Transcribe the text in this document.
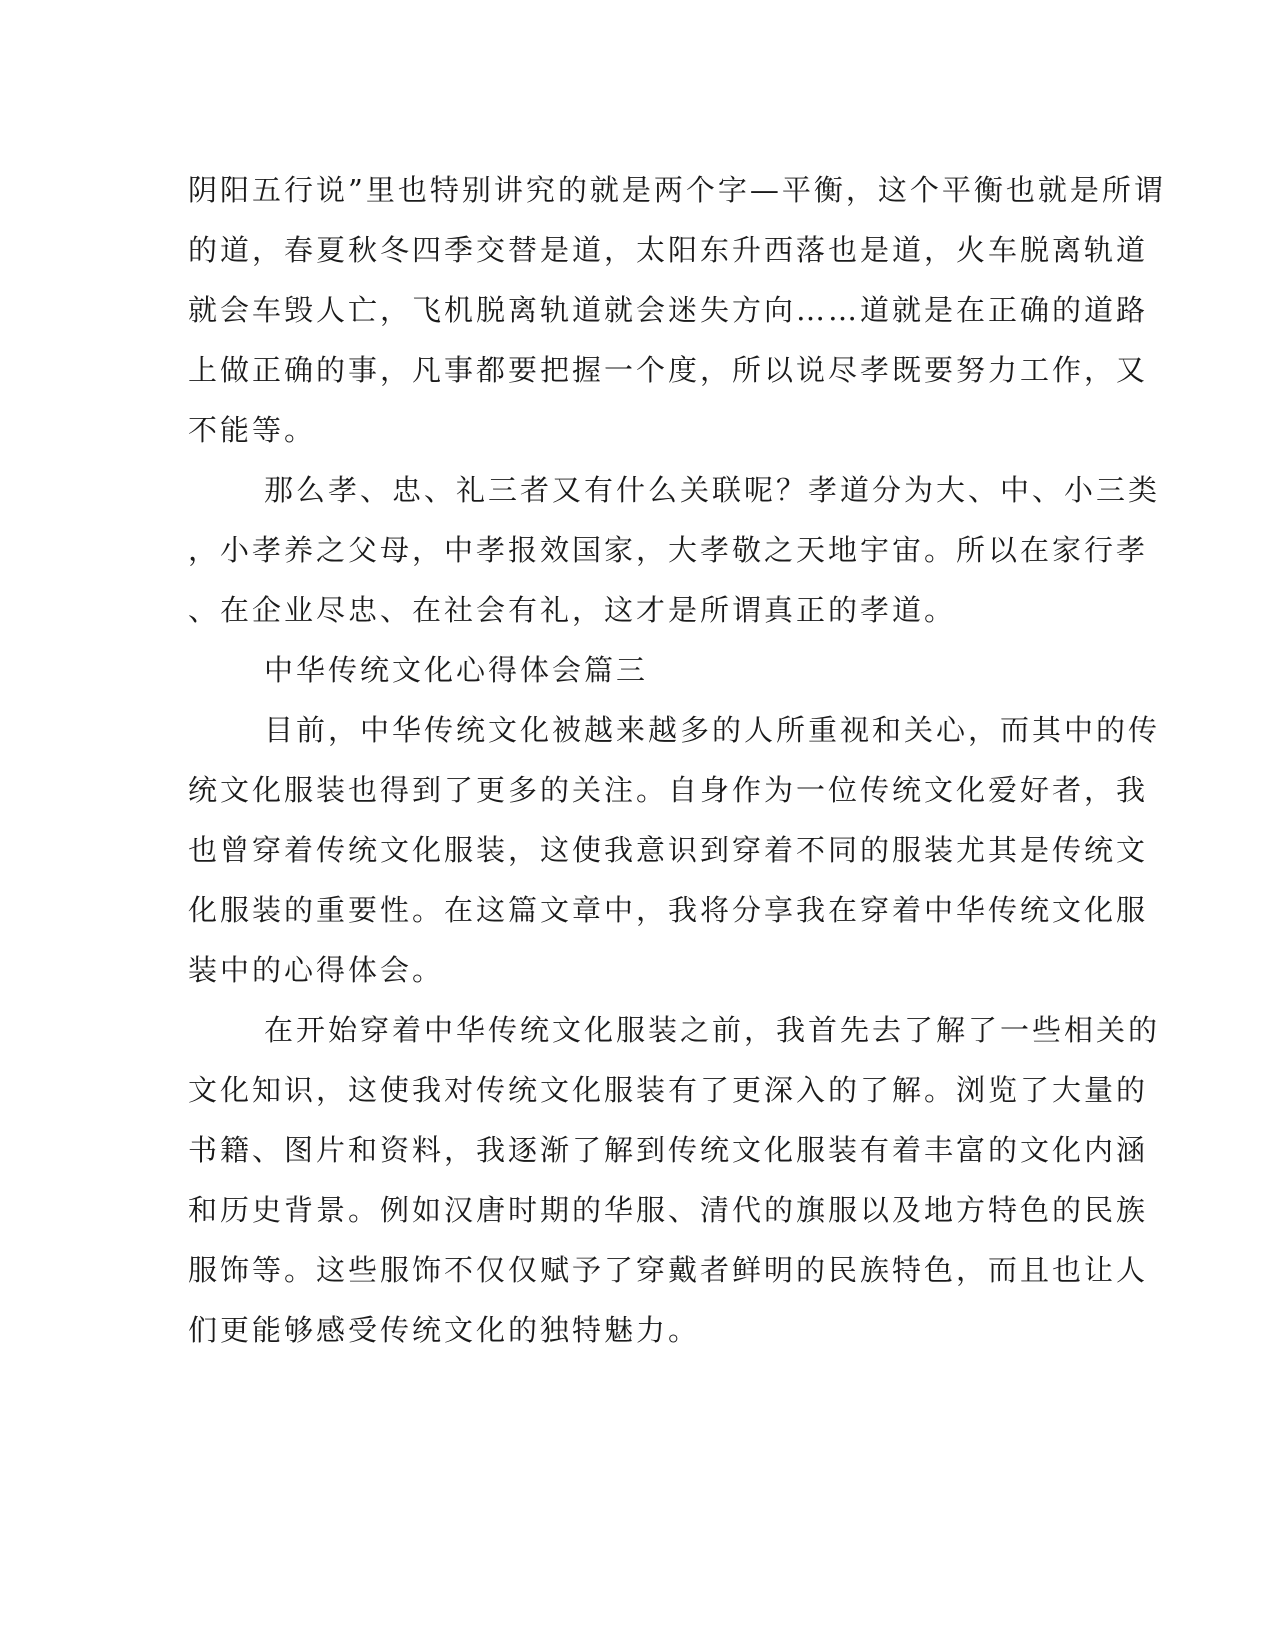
阴阳五行说”里也特别讲究的就是两个字—平衡，这个平衡也就是所谓
的道，春夏秋冬四季交替是道，太阳东升西落也是道，火车脱离轨道
就会车毁人亡，飞机脱离轨道就会迷失方向……道就是在正确的道路
上做正确的事，凡事都要把握一个度，所以说尽孝既要努力工作，又
不能等。
那么孝、忠、礼三者又有什么关联呢？孝道分为大、中、小三类
，小孝养之父母，中孝报效国家，大孝敬之天地宇宙。所以在家行孝
、在企业尽忠、在社会有礼，这才是所谓真正的孝道。
中华传统文化心得体会篇三
目前，中华传统文化被越来越多的人所重视和关心，而其中的传
统文化服装也得到了更多的关注。自身作为一位传统文化爱好者，我
也曾穿着传统文化服装，这使我意识到穿着不同的服装尤其是传统文
化服装的重要性。在这篇文章中，我将分享我在穿着中华传统文化服
装中的心得体会。
在开始穿着中华传统文化服装之前，我首先去了解了一些相关的
文化知识，这使我对传统文化服装有了更深入的了解。浏览了大量的
书籍、图片和资料，我逐渐了解到传统文化服装有着丰富的文化内涵
和历史背景。例如汉唐时期的华服、清代的旗服以及地方特色的民族
服饰等。这些服饰不仅仅赋予了穿戴者鲜明的民族特色，而且也让人
们更能够感受传统文化的独特魅力。
